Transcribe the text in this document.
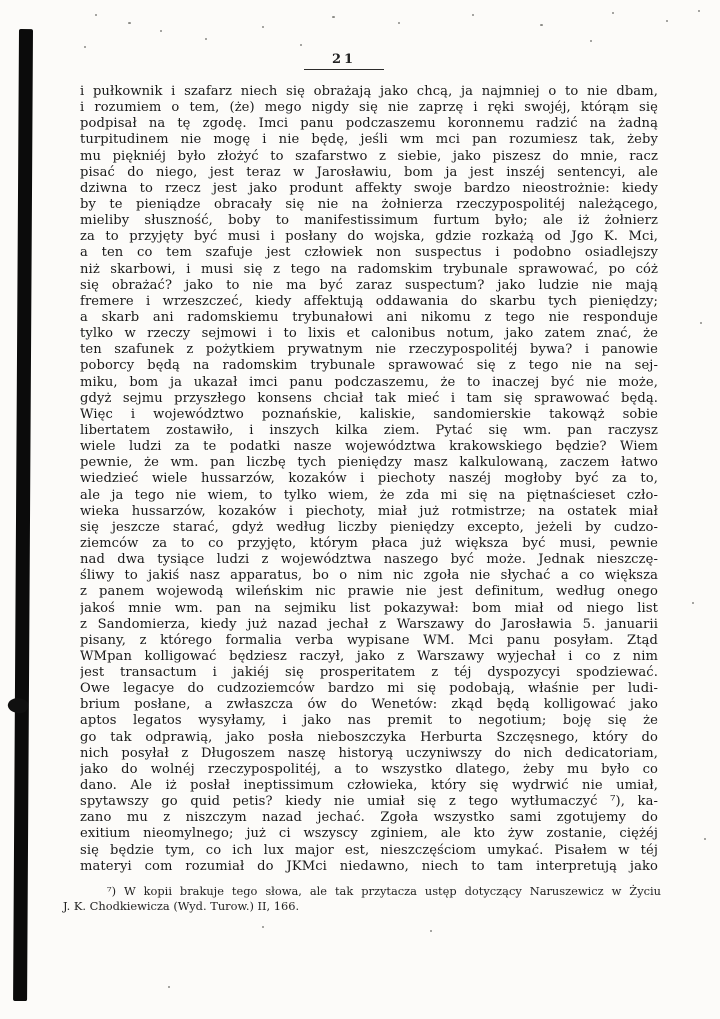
21
i pułkownik i szafarz niech się obrażają jako chcą, ja najmniej o to nie dbam,
i rozumiem o tem, (że) mego nigdy się nie zaprzę i ręki swojéj, którąm się
podpisał na tę zgodę. Imci panu podczaszemu koronnemu radzić na żadną
turpitudinem nie mogę i nie będę, jeśli wm mci pan rozumiesz tak, żeby
mu piękniéj było złożyć to szafarstwo z siebie, jako piszesz do mnie, racz
pisać do niego, jest teraz w Jarosławiu, bom ja jest inszéj sentencyi, ale
dziwna to rzecz jest jako produnt affekty swoje bardzo nieostrożnie: kiedy
by te pieniądze obracały się nie na żołnierza rzeczypospolitéj należącego,
mieliby słuszność, boby to manifestissimum furtum było; ale iż żołnierz
za to przyjęty być musi i posłany do wojska, gdzie rozkażą od Jgo K. Mci,
a ten co tem szafuje jest człowiek non suspectus i podobno osiadlejszy
niż skarbowi, i musi się z tego na radomskim trybunale sprawować, po cóż
się obrażać? jako to nie ma być zaraz suspectum? jako ludzie nie mają
fremere i wrzeszczeć, kiedy affektują oddawania do skarbu tych pieniędzy;
a skarb ani radomskiemu trybunałowi ani nikomu z tego nie responduje
tylko w rzeczy sejmowi i to lixis et calonibus notum, jako zatem znać, że
ten szafunek z pożytkiem prywatnym nie rzeczypospolitéj bywa? i panowie
poborcy będą na radomskim trybunale sprawować się z tego nie na sej-
miku, bom ja ukazał imci panu podczaszemu, że to inaczej być nie może,
gdyż sejmu przyszłego konsens chciał tak mieć i tam się sprawować będą.
Więc i województwo poznańskie, kaliskie, sandomierskie takowąż sobie
libertatem zostawiło, i inszych kilka ziem. Pytać się wm. pan raczysz
wiele ludzi za te podatki nasze województwa krakowskiego będzie? Wiem
pewnie, że wm. pan liczbę tych pieniędzy masz kalkulowaną, zaczem łatwo
wiedzieć wiele hussarzów, kozaków i piechoty naszéj mogłoby być za to,
ale ja tego nie wiem, to tylko wiem, że zda mi się na piętnaścieset czło-
wieka hussarzów, kozaków i piechoty, miał już rotmistrze; na ostatek miał
się jeszcze starać, gdyż według liczby pieniędzy excepto, jeżeli by cudzo-
ziemców za to co przyjęto, którym płaca już większa być musi, pewnie
nad dwa tysiące ludzi z województwa naszego być może. Jednak nieszczę-
śliwy to jakiś nasz apparatus, bo o nim nic zgoła nie słychać a co większa
z panem wojewodą wileńskim nic prawie nie jest definitum, według onego
jakoś mnie wm. pan na sejmiku list pokazywał: bom miał od niego list
z Sandomierza, kiedy już nazad jechał z Warszawy do Jarosławia 5. januarii
pisany, z którego formalia verba wypisane WM. Mci panu posyłam. Ztąd
WMpan kolligować będziesz raczył, jako z Warszawy wyjechał i co z nim
jest transactum i jakiéj się prosperitatem z téj dyspozycyi spodziewać.
Owe legacye do cudzoziemców bardzo mi się podobają, właśnie per ludi-
brium posłane, a zwłaszcza ów do Wenetów: zkąd będą kolligować jako
aptos legatos wysyłamy, i jako nas premit to negotium; boję się że
go tak odprawią, jako posła nieboszczyka Herburta Szczęsnego, który do
nich posyłał z Długoszem naszę historyą uczyniwszy do nich dedicatoriam,
jako do wolnéj rzeczypospolitéj, a to wszystko dlatego, żeby mu było co
dano. Ale iż posłał ineptissimum człowieka, który się wydrwić nie umiał,
spytawszy go quid petis? kiedy nie umiał się z tego wytłumaczyć ⁷), ka-
zano mu z niszczym nazad jechać. Zgoła wszystko sami zgotujemy do
exitium nieomylnego; już ci wszyscy zginiem, ale kto żyw zostanie, ciężéj
się będzie tym, co ich lux major est, nieszczęściom umykać. Pisałem w téj
materyi com rozumiał do JKMci niedawno, niech to tam interpretują jako
⁷) W kopii brakuje tego słowa, ale tak przytacza ustęp dotyczący Naruszewicz w Życiu
J. K. Chodkiewicza (Wyd. Turow.) II, 166.
